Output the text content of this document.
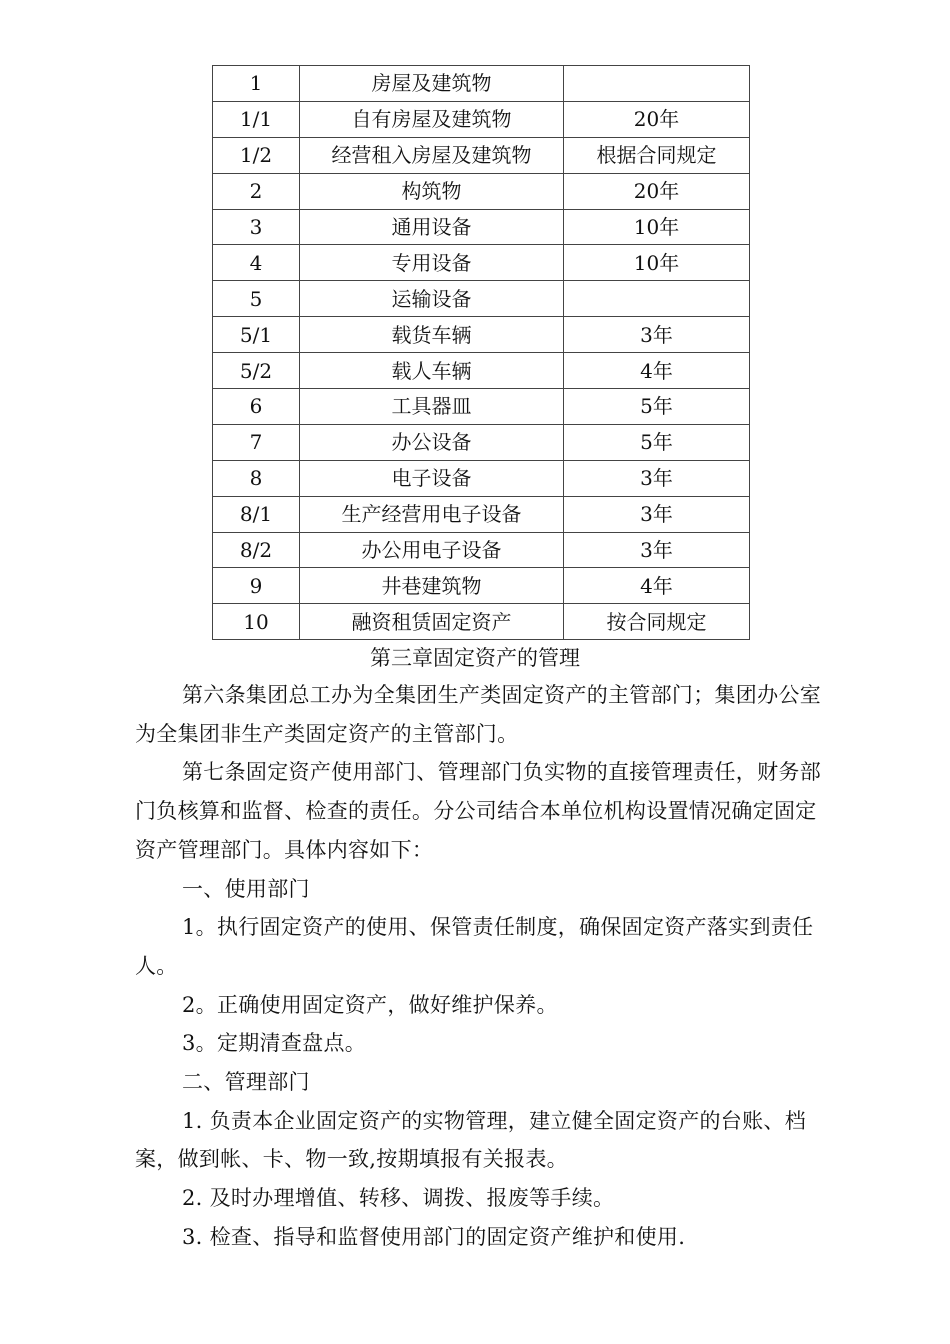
1	房屋及建筑物	
1/1	自有房屋及建筑物	20年
1/2	经营租入房屋及建筑物	根据合同规定
2	构筑物	20年
3	通用设备	10年
4	专用设备	10年
5	运输设备	
5/1	载货车辆	3年
5/2	载人车辆	4年
6	工具器皿	5年
7	办公设备	5年
8	电子设备	3年
8/1	生产经营用电子设备	3年
8/2	办公用电子设备	3年
9	井巷建筑物	4年
10	融资租赁固定资产	按合同规定
第三章固定资产的管理

第六条集团总工办为全集团生产类固定资产的主管部门；集团办公室为全集团非生产类固定资产的主管部门。

第七条固定资产使用部门、管理部门负实物的直接管理责任，财务部门负核算和监督、检查的责任。分公司结合本单位机构设置情况确定固定资产管理部门。具体内容如下：

一、使用部门

1。执行固定资产的使用、保管责任制度，确保固定资产落实到责任人。

2。正确使用固定资产，做好维护保养。

3。定期清查盘点。

二、管理部门

1. 负责本企业固定资产的实物管理，建立健全固定资产的台账、档案，做到帐、卡、物一致,按期填报有关报表。

2. 及时办理增值、转移、调拨、报废等手续。

3. 检查、指导和监督使用部门的固定资产维护和使用.
